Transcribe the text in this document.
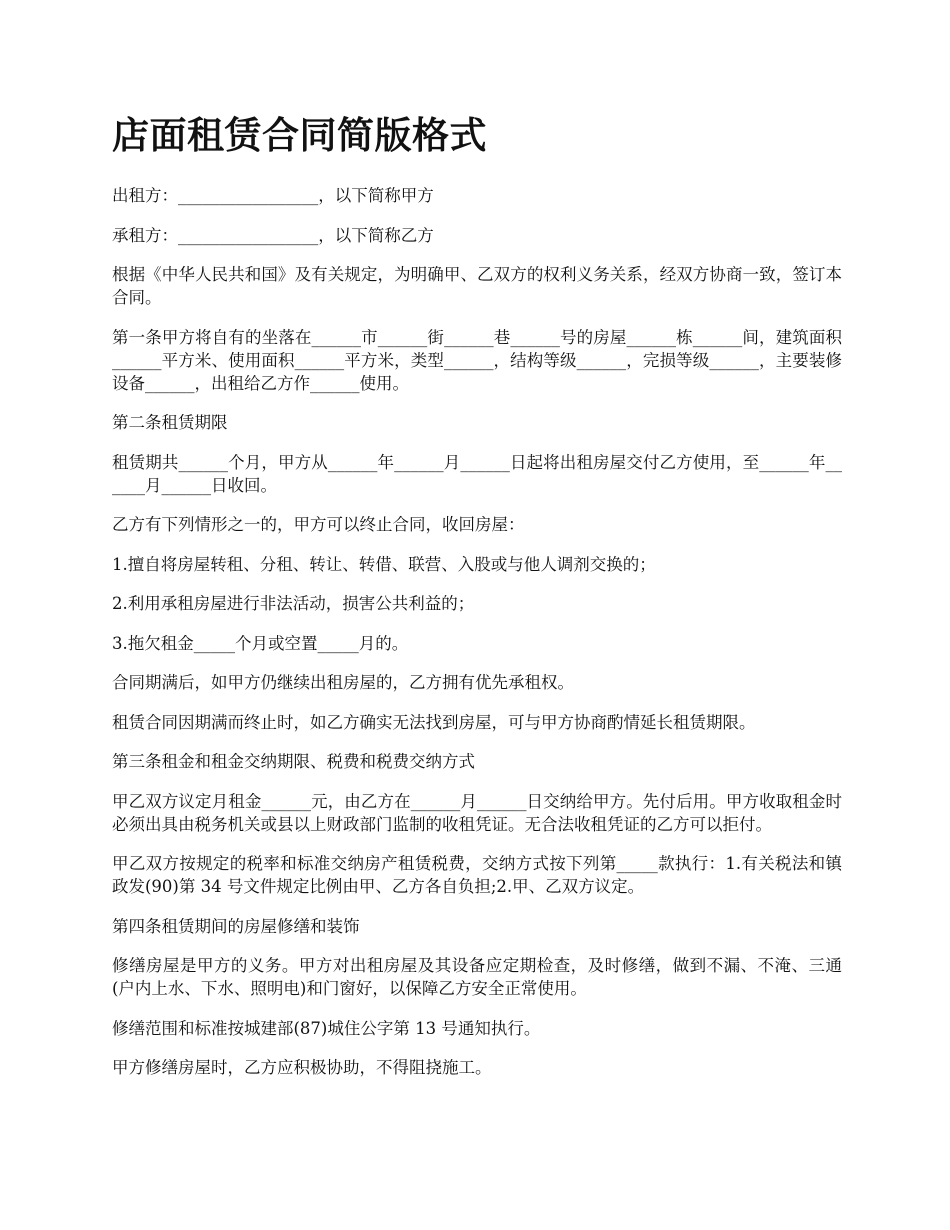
店面租赁合同简版格式

出租方：_________________，以下简称甲方

承租方：_________________，以下简称乙方

根据《中华人民共和国》及有关规定，为明确甲、乙双方的权利义务关系，经双方协商一致，签订本合同。

第一条甲方将自有的坐落在______市______街______巷______号的房屋______栋______间，建筑面积______平方米、使用面积______平方米，类型______，结构等级______，完损等级______，主要装修设备______，出租给乙方作______使用。

第二条租赁期限

租赁期共______个月，甲方从______年______月______日起将出租房屋交付乙方使用，至______年______月______日收回。

乙方有下列情形之一的，甲方可以终止合同，收回房屋：

1.擅自将房屋转租、分租、转让、转借、联营、入股或与他人调剂交换的；

2.利用承租房屋进行非法活动，损害公共利益的；

3.拖欠租金_____个月或空置_____月的。

合同期满后，如甲方仍继续出租房屋的，乙方拥有优先承租权。

租赁合同因期满而终止时，如乙方确实无法找到房屋，可与甲方协商酌情延长租赁期限。

第三条租金和租金交纳期限、税费和税费交纳方式

甲乙双方议定月租金______元，由乙方在______月______日交纳给甲方。先付后用。甲方收取租金时必须出具由税务机关或县以上财政部门监制的收租凭证。无合法收租凭证的乙方可以拒付。

甲乙双方按规定的税率和标准交纳房产租赁税费，交纳方式按下列第_____款执行：1.有关税法和镇政发(90)第 34 号文件规定比例由甲、乙方各自负担;2.甲、乙双方议定。

第四条租赁期间的房屋修缮和装饰

修缮房屋是甲方的义务。甲方对出租房屋及其设备应定期检查，及时修缮，做到不漏、不淹、三通(户内上水、下水、照明电)和门窗好，以保障乙方安全正常使用。

修缮范围和标准按城建部(87)城住公字第 13 号通知执行。

甲方修缮房屋时，乙方应积极协助，不得阻挠施工。
